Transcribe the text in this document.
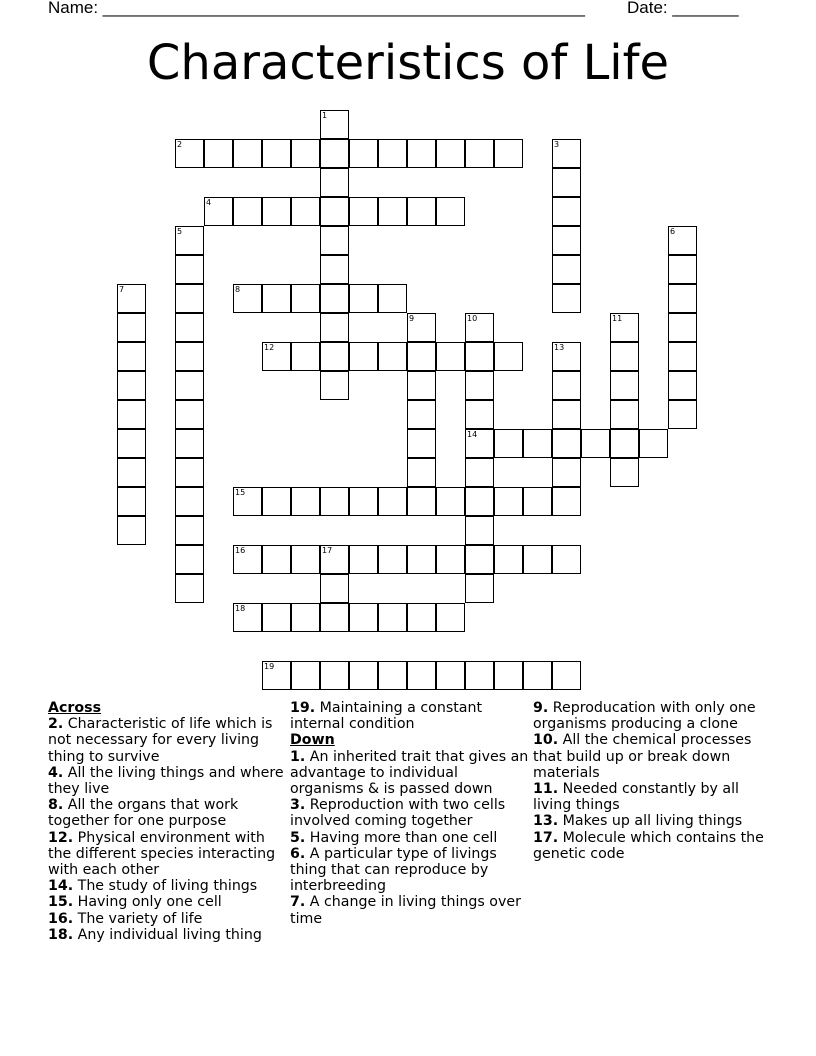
Name: ___________________________________________________ Date: _______
Characteristics of Life
1
2	3
4
5	6
7	8
9	10	11
12	13
14
15
16	17
18
19
Across
2. Characteristic of life which is not necessary for every living thing to survive
4. All the living things and where they live
8. All the organs that work together for one purpose
12. Physical environment with the different species interacting with each other
14. The study of living things
15. Having only one cell
16. The variety of life
18. Any individual living thing
19. Maintaining a constant internal condition
Down
1. An inherited trait that gives an advantage to individual organisms & is passed down
3. Reproduction with two cells involved coming together
5. Having more than one cell
6. A particular type of livings thing that can reproduce by interbreeding
7. A change in living things over time
9. Reproducation with only one organisms producing a clone
10. All the chemical processes that build up or break down materials
11. Needed constantly by all living things
13. Makes up all living things
17. Molecule which contains the genetic code
